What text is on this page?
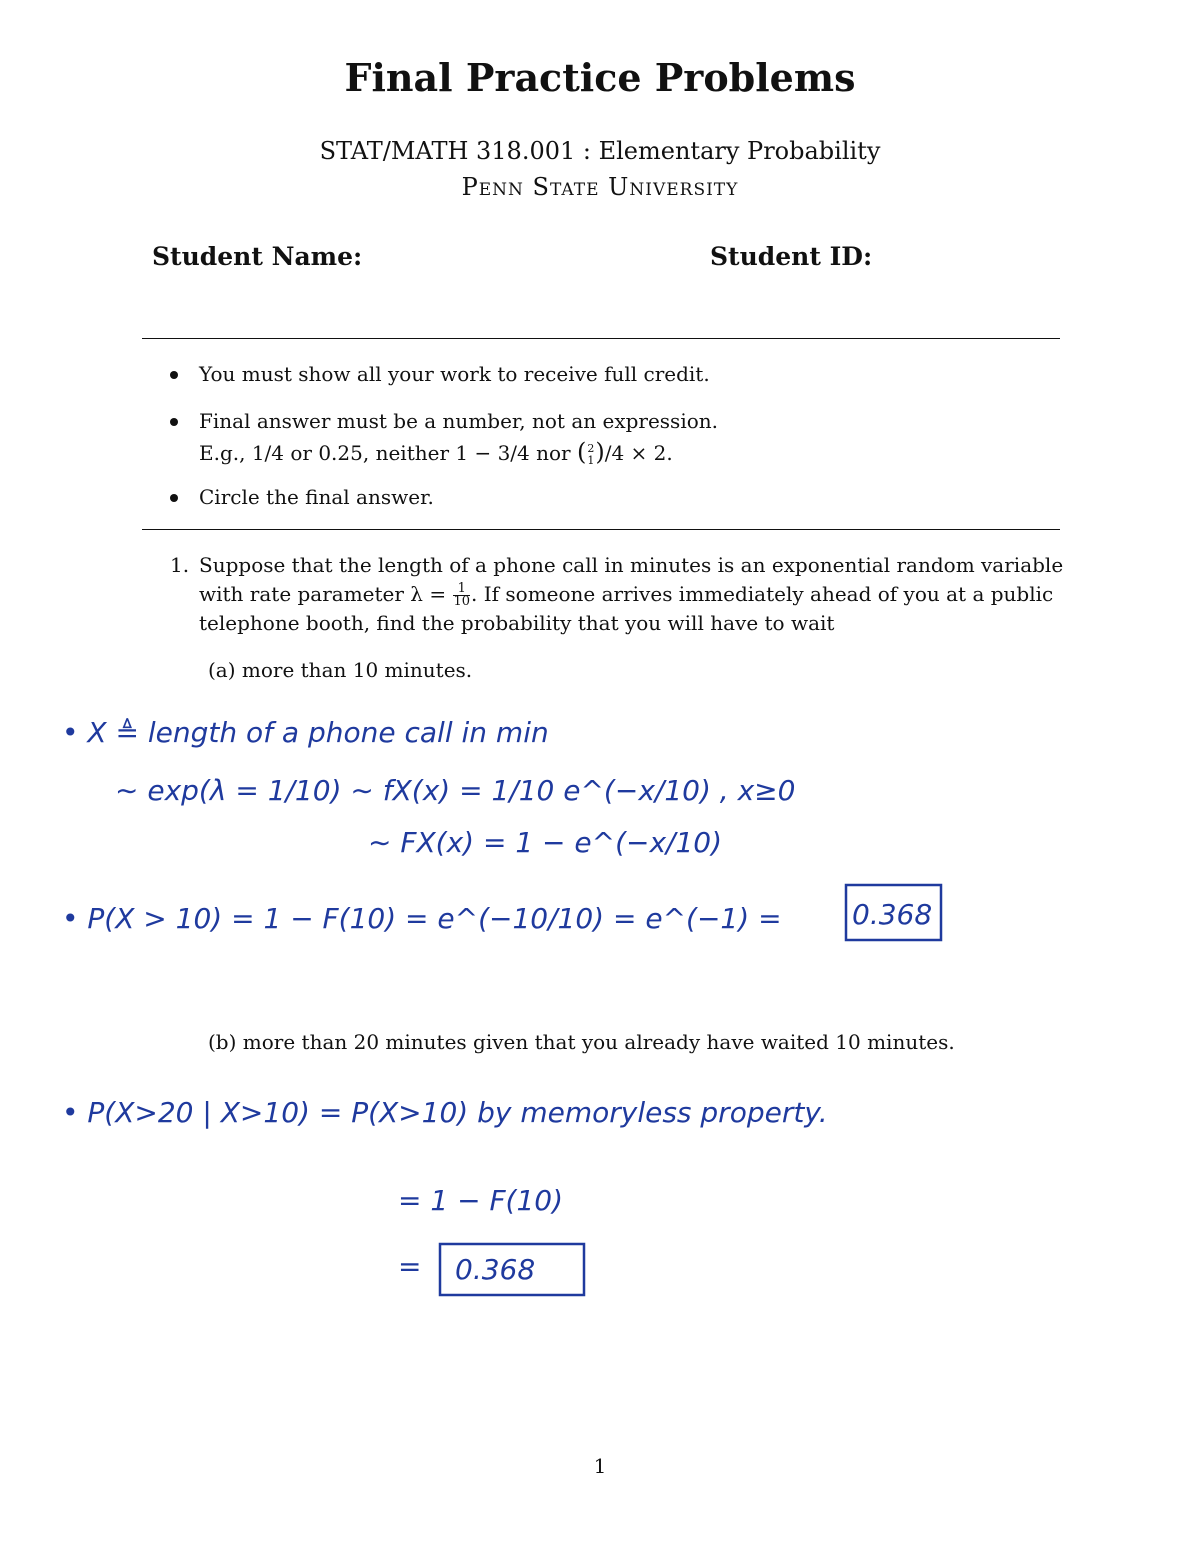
Final Practice Problems
STAT/MATH 318.001 : Elementary Probability
Penn State University
Student Name:	Student ID:
You must show all your work to receive full credit.
Final answer must be a number, not an expression.
E.g., 1/4 or 0.25, neither 1 − 3/4 nor ( 2
1 )/4 × 2.
Circle the final answer.
1. Suppose that the length of a phone call in minutes is an exponential random variable
with rate parameter $\lambda = \frac{1}{10}$ . If someone arrives immediately ahead of you at a public
telephone booth, find the probability that you will have to wait
(a) more than 10 minutes.
(b) more than 20 minutes given that you already have waited 10 minutes.
• X ≜ length of a phone call in min
∼ exp(λ = 1/10) ∼ fX(x) = 1/10 e^(−x/10) , x≥0
∼ FX(x) = 1 − e^(−x/10)
• P(X > 10) = 1 − F(10) = e^(−10/10) = e^(−1) =	0.368
• P(X>20 | X>10) = P(X>10) by memoryless property.
= 1 − F(10)
= 0.368
1
